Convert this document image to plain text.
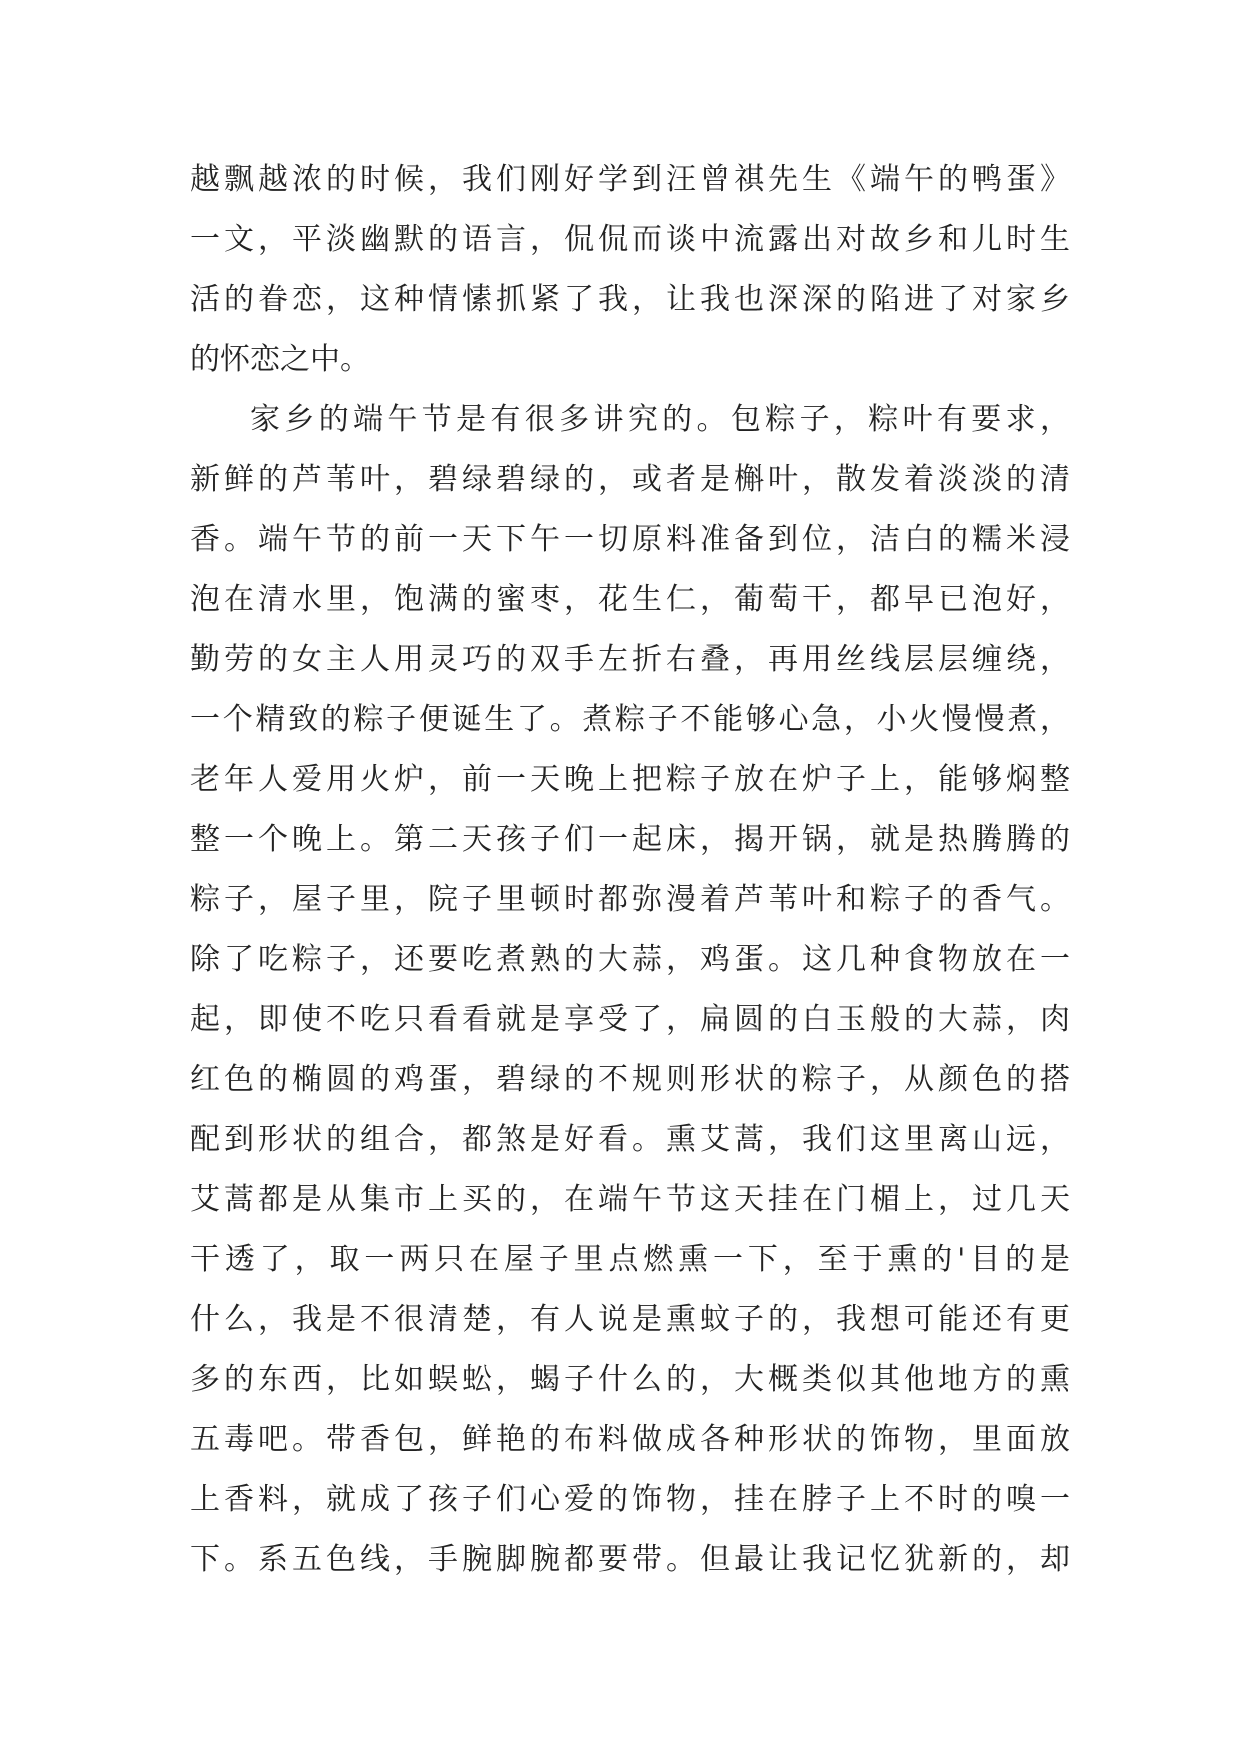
越飘越浓的时候，我们刚好学到汪曾祺先生《端午的鸭蛋》
一文，平淡幽默的语言，侃侃而谈中流露出对故乡和儿时生
活的眷恋，这种情愫抓紧了我，让我也深深的陷进了对家乡
的怀恋之中。
家乡的端午节是有很多讲究的。包粽子，粽叶有要求，
新鲜的芦苇叶，碧绿碧绿的，或者是槲叶，散发着淡淡的清
香。端午节的前一天下午一切原料准备到位，洁白的糯米浸
泡在清水里，饱满的蜜枣，花生仁，葡萄干，都早已泡好，
勤劳的女主人用灵巧的双手左折右叠，再用丝线层层缠绕，
一个精致的粽子便诞生了。煮粽子不能够心急，小火慢慢煮，
老年人爱用火炉，前一天晚上把粽子放在炉子上，能够焖整
整一个晚上。第二天孩子们一起床，揭开锅，就是热腾腾的
粽子，屋子里，院子里顿时都弥漫着芦苇叶和粽子的香气。
除了吃粽子，还要吃煮熟的大蒜，鸡蛋。这几种食物放在一
起，即使不吃只看看就是享受了，扁圆的白玉般的大蒜，肉
红色的椭圆的鸡蛋，碧绿的不规则形状的粽子，从颜色的搭
配到形状的组合，都煞是好看。熏艾蒿，我们这里离山远，
艾蒿都是从集市上买的，在端午节这天挂在门楣上，过几天
干透了，取一两只在屋子里点燃熏一下，至于熏的'目的是
什么，我是不很清楚，有人说是熏蚊子的，我想可能还有更
多的东西，比如蜈蚣，蝎子什么的，大概类似其他地方的熏
五毒吧。带香包，鲜艳的布料做成各种形状的饰物，里面放
上香料，就成了孩子们心爱的饰物，挂在脖子上不时的嗅一
下。系五色线，手腕脚腕都要带。但最让我记忆犹新的，却
